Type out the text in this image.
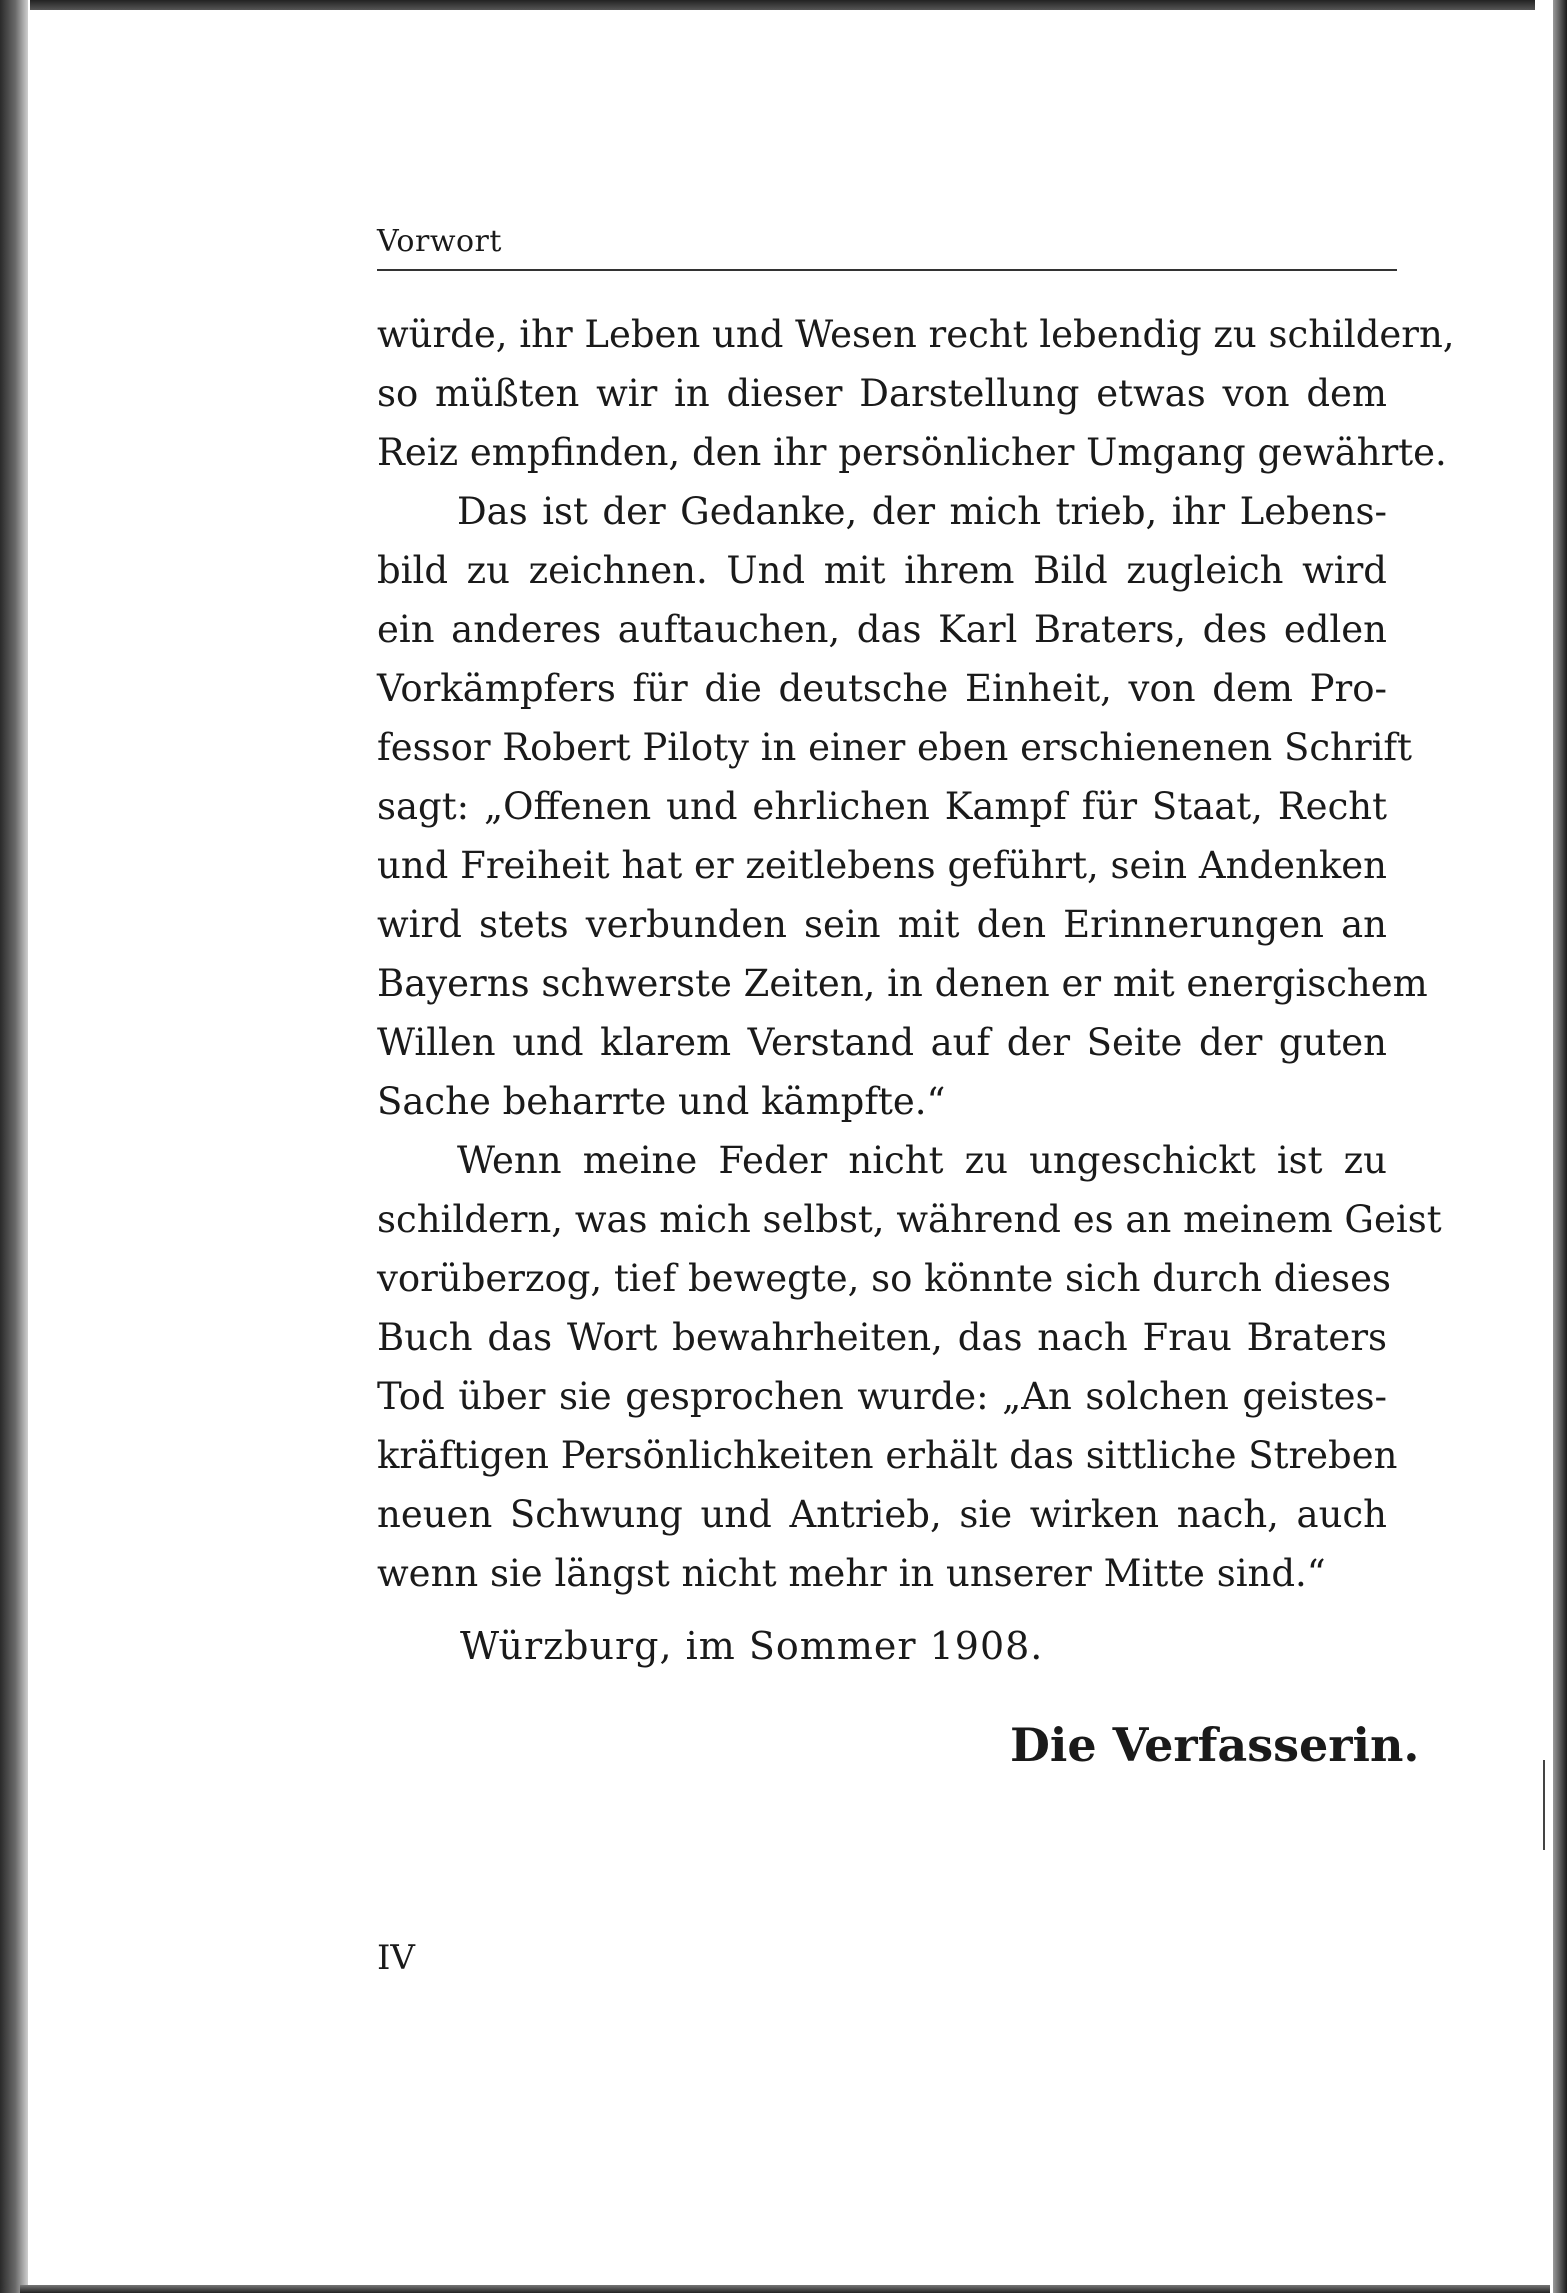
Vorwort
würde, ihr Leben und Wesen recht lebendig zu schildern,
so müßten wir in dieser Darstellung etwas von dem
Reiz empfinden, den ihr persönlicher Umgang gewährte.
Das ist der Gedanke, der mich trieb, ihr Lebens-
bild zu zeichnen. Und mit ihrem Bild zugleich wird
ein anderes auftauchen, das Karl Braters, des edlen
Vorkämpfers für die deutsche Einheit, von dem Pro-
fessor Robert Piloty in einer eben erschienenen Schrift
sagt: „Offenen und ehrlichen Kampf für Staat, Recht
und Freiheit hat er zeitlebens geführt, sein Andenken
wird stets verbunden sein mit den Erinnerungen an
Bayerns schwerste Zeiten, in denen er mit energischem
Willen und klarem Verstand auf der Seite der guten
Sache beharrte und kämpfte.“
Wenn meine Feder nicht zu ungeschickt ist zu
schildern, was mich selbst, während es an meinem Geist
vorüberzog, tief bewegte, so könnte sich durch dieses
Buch das Wort bewahrheiten, das nach Frau Braters
Tod über sie gesprochen wurde: „An solchen geistes-
kräftigen Persönlichkeiten erhält das sittliche Streben
neuen Schwung und Antrieb, sie wirken nach, auch
wenn sie längst nicht mehr in unserer Mitte sind.“
Würzburg, im Sommer 1908.
Die Verfasserin.
IV
